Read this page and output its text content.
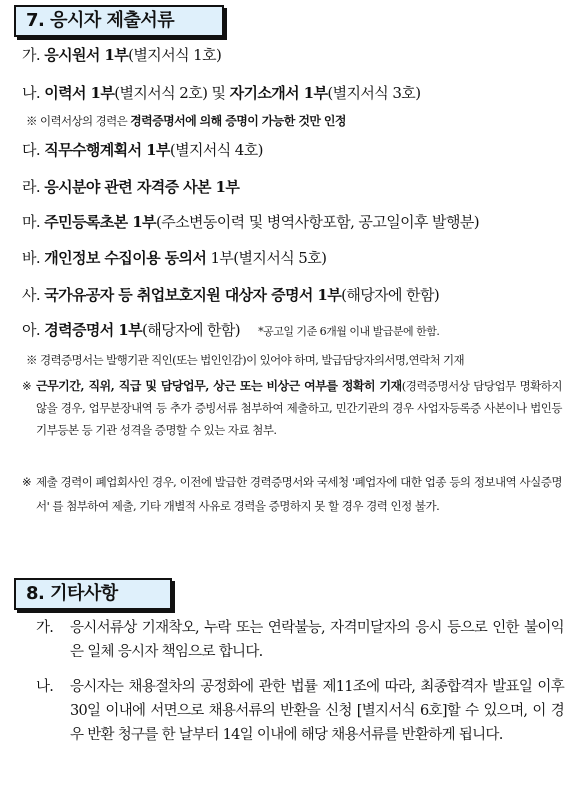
7. 응시자 제출서류
가. 응시원서 1부(별지서식 1호)
나. 이력서 1부(별지서식 2호) 및 자기소개서 1부(별지서식 3호)
※ 이력서상의 경력은 경력증명서에 의해 증명이 가능한 것만 인정
다. 직무수행계획서 1부(별지서식 4호)
라. 응시분야 관련 자격증 사본 1부
마. 주민등록초본 1부(주소변동이력 및 병역사항포함, 공고일이후 발행분)
바. 개인정보 수집이용 동의서 1부(별지서식 5호)
사. 국가유공자 등 취업보호지원 대상자 증명서 1부(해당자에 한함)
아. 경력증명서 1부(해당자에 한함) *공고일 기준 6개월 이내 발급분에 한함.
※ 경력증명서는 발행기관 직인(또는 법인인감)이 있어야 하며, 발급담당자의서명,연락처 기재
※ 근무기간, 직위, 직급 및 담당업무, 상근 또는 비상근 여부를 정확히 기재(경력증명서상 담당업무 명확하지 않을 경우, 업무분장내역 등 추가 증빙서류 첨부하여 제출하고, 민간기관의 경우 사업자등록증 사본이나 법인등기부등본 등 기관 성격을 증명할 수 있는 자료 첨부.
※ 제출 경력이 폐업회사인 경우, 이전에 발급한 경력증명서와 국세청 '폐업자에 대한 업종 등의 정보내역 사실증명서' 를 첨부하여 제출, 기타 개별적 사유로 경력을 증명하지 못 할 경우 경력 인정 불가.
8. 기타사항
가. 응시서류상 기재착오, 누락 또는 연락불능, 자격미달자의 응시 등으로 인한 불이익은 일체 응시자 책임으로 합니다.
나. 응시자는 채용절차의 공정화에 관한 법률 제11조에 따라, 최종합격자 발표일 이후 30일 이내에 서면으로 채용서류의 반환을 신청 [별지서식 6호]할 수 있으며, 이 경우 반환 청구를 한 날부터 14일 이내에 해당 채용서류를 반환하게 됩니다.
